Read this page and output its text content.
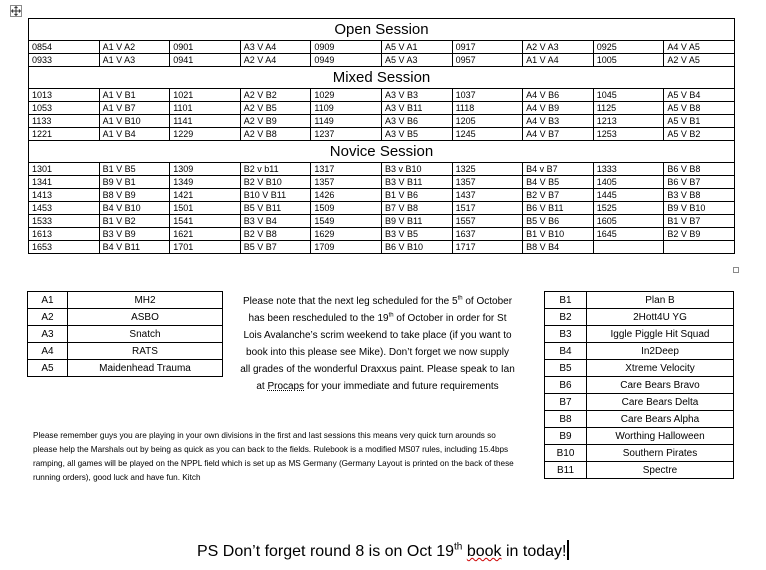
Open Session									
0854	A1 V A2	0901	A3 V A4	0909	A5 V A1	0917	A2 V A3	0925	A4 V A5
0933	A1 V A3	0941	A2 V A4	0949	A5 V A3	0957	A1 V A4	1005	A2 V A5
Mixed Session									
1013	A1 V B1	1021	A2 V B2	1029	A3 V B3	1037	A4 V B6	1045	A5 V B4
1053	A1 V B7	1101	A2 V B5	1109	A3 V B11	1118	A4 V B9	1125	A5 V B8
1133	A1 V B10	1141	A2 V B9	1149	A3 V B6	1205	A4 V B3	1213	A5 V B1
1221	A1 V B4	1229	A2 V B8	1237	A3 V B5	1245	A4 V B7	1253	A5 V B2
Novice Session									
1301	B1 V B5	1309	B2 v b11	1317	B3 v B10	1325	B4 v B7	1333	B6 V B8
1341	B9 V B1	1349	B2 V B10	1357	B3 V B11	1357	B4 V B5	1405	B6 V B7
1413	B8 V B9	1421	B10 V B11	1426	B1 V B6	1437	B2 V B7	1445	B3 V B8
1453	B4 V B10	1501	B5 V B11	1509	B7 V B8	1517	B6 V B11	1525	B9 V B10
1533	B1 V B2	1541	B3 V B4	1549	B9 V B11	1557	B5 V B6	1605	B1 V B7
1613	B3 V B9	1621	B2 V B8	1629	B3 V B5	1637	B1 V B10	1645	B2 V B9
1653	B4 V B11	1701	B5 V B7	1709	B6 V B10	1717	B8 V B4		
A1	MH2
A2	ASBO
A3	Snatch
A4	RATS
A5	Maidenhead Trauma
Please note that the next leg scheduled for the 5th of October has been rescheduled to the 19th of October in order for St Lois Avalanche’s scrim weekend to take place (if you want to book into this please see Mike). Don’t forget we now supply all grades of the wonderful Draxxus paint. Please speak to Ian at Procaps for your immediate and future requirements
B1	Plan B
B2	2Hott4U YG
B3	Iggle Piggle Hit Squad
B4	In2Deep
B5	Xtreme Velocity
B6	Care Bears Bravo
B7	Care Bears Delta
B8	Care Bears Alpha
B9	Worthing Halloween
B10	Southern Pirates
B11	Spectre
Please remember guys you are playing in your own divisions in the first and last sessions this means very quick turn arounds so please help the Marshals out by being as quick as you can back to the fields. Rulebook is a modified MS07 rules, including 15.4bps ramping, all games will be played on the NPPL field which is set up as MS Germany (Germany Layout is printed on the back of these running orders), good luck and have fun. Kitch
PS Don’t forget round 8 is on Oct 19th book in today!
